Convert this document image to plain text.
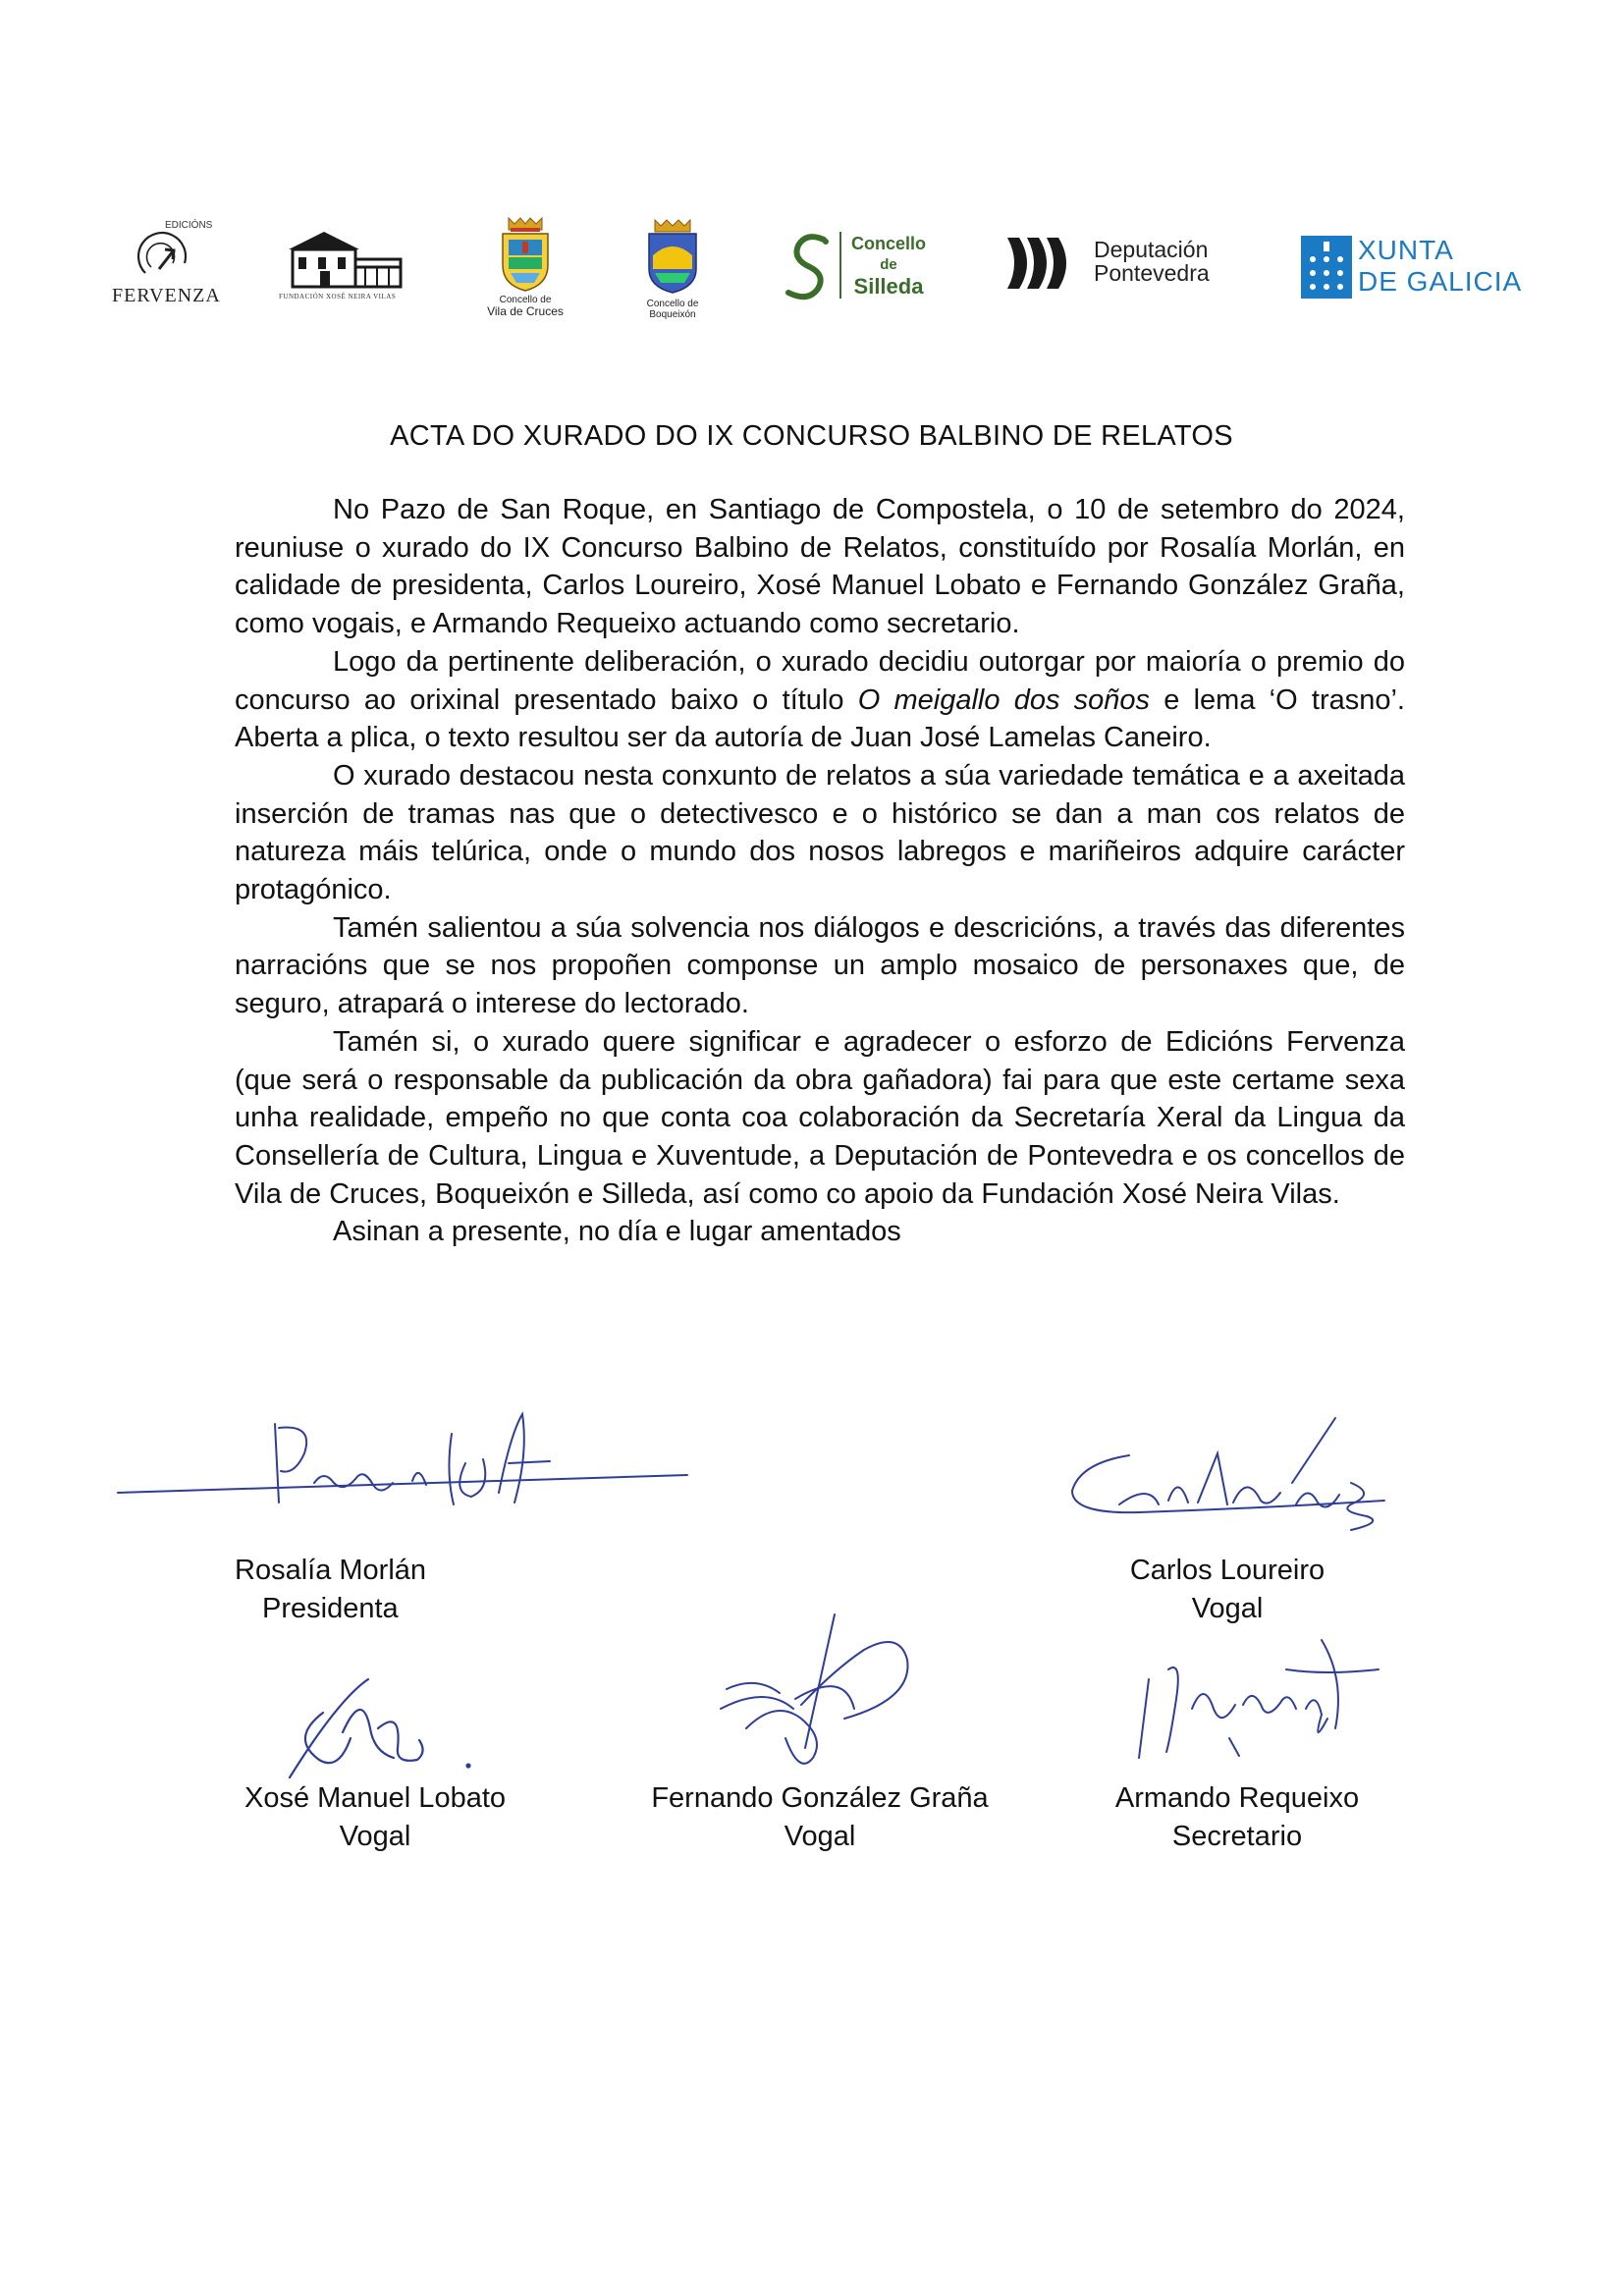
EDICIÓNS
FERVENZA	FUNDACIÓN XOSÉ NEIRA VILAS	Concello de
Vila de Cruces
Concello de
Boqueixón
Concello
de
Silleda
Deputación
Pontevedra
XUNTA
DE GALICIA
ACTA DO XURADO DO IX CONCURSO BALBINO DE RELATOS

No Pazo de San Roque, en Santiago de Compostela, o 10 de setembro do 2024, reuniuse o xurado do IX Concurso Balbino de Relatos, constituído por Rosalía Morlán, en calidade de presidenta, Carlos Loureiro, Xosé Manuel Lobato e Fernando González Graña, como vogais, e Armando Requeixo actuando como secretario.

Logo da pertinente deliberación, o xurado decidiu outorgar por maioría o premio do concurso ao orixinal presentado baixo o título O meigallo dos soños e lema ‘O trasno’. Aberta a plica, o texto resultou ser da autoría de Juan José Lamelas Caneiro.

O xurado destacou nesta conxunto de relatos a súa variedade temática e a axeitada inserción de tramas nas que o detectivesco e o histórico se dan a man cos relatos de natureza máis telúrica, onde o mundo dos nosos labregos e mariñeiros adquire carácter protagónico.

Tamén salientou a súa solvencia nos diálogos e descricións, a través das diferentes narracións que se nos propoñen componse un amplo mosaico de personaxes que, de seguro, atrapará o interese do lectorado.

Tamén si, o xurado quere significar e agradecer o esforzo de Edicións Fervenza (que será o responsable da publicación da obra gañadora) fai para que este certame sexa unha realidade, empeño no que conta coa colaboración da Secretaría Xeral da Lingua da Consellería de Cultura, Lingua e Xuventude, a Deputación de Pontevedra e os concellos de Vila de Cruces, Boqueixón e Silleda, así como co apoio da Fundación Xosé Neira Vilas.

Asinan a presente, no día e lugar amentados

Rosalía Morlán
Presidenta
Carlos Loureiro
Vogal
Xosé Manuel Lobato
Vogal
Fernando González Graña
Vogal
Armando Requeixo
Secretario
